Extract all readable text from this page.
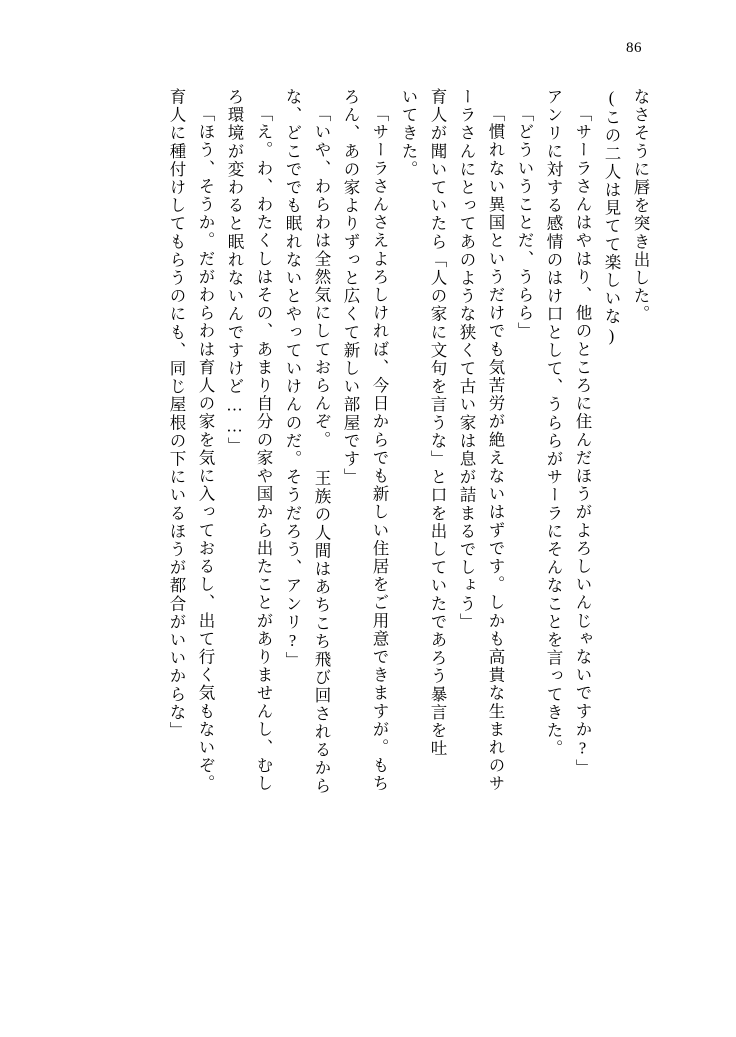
86
なさそうに唇を突き出した。
(この二人は見てて楽しいな)
「サーラさんはやはり、他のところに住んだほうがよろしいんじゃないですか?」
アンリに対する感情のはけ口として、うららがサーラにそんなことを言ってきた。
「どういうことだ、うらら」
「慣れない異国というだけでも気苦労が絶えないはずです。しかも高貴な生まれのサ
ーラさんにとってあのような狭くて古い家は息が詰まるでしょう」
育人が聞いていたら「人の家に文句を言うな」と口を出していたであろう暴言を吐
いてきた。
「サーラさんさえよろしければ、今日からでも新しい住居をご用意できますが。もち
ろん、あの家よりずっと広くて新しい部屋です」
「いや、わらわは全然気にしておらんぞ。 王族の人間はあちこち飛び回されるから
な、どこででも眠れないとやっていけんのだ。そうだろう、アンリ?」
「え。わ、わたくしはその、あまり自分の家や国から出たことがありませんし、むし
ろ環境が変わると眠れないんですけど……」
「ほう、そうか。だがわらわは育人の家を気に入っておるし、出て行く気もないぞ。
育人に種付けしてもらうのにも、同じ屋根の下にいるほうが都合がいいからな」
